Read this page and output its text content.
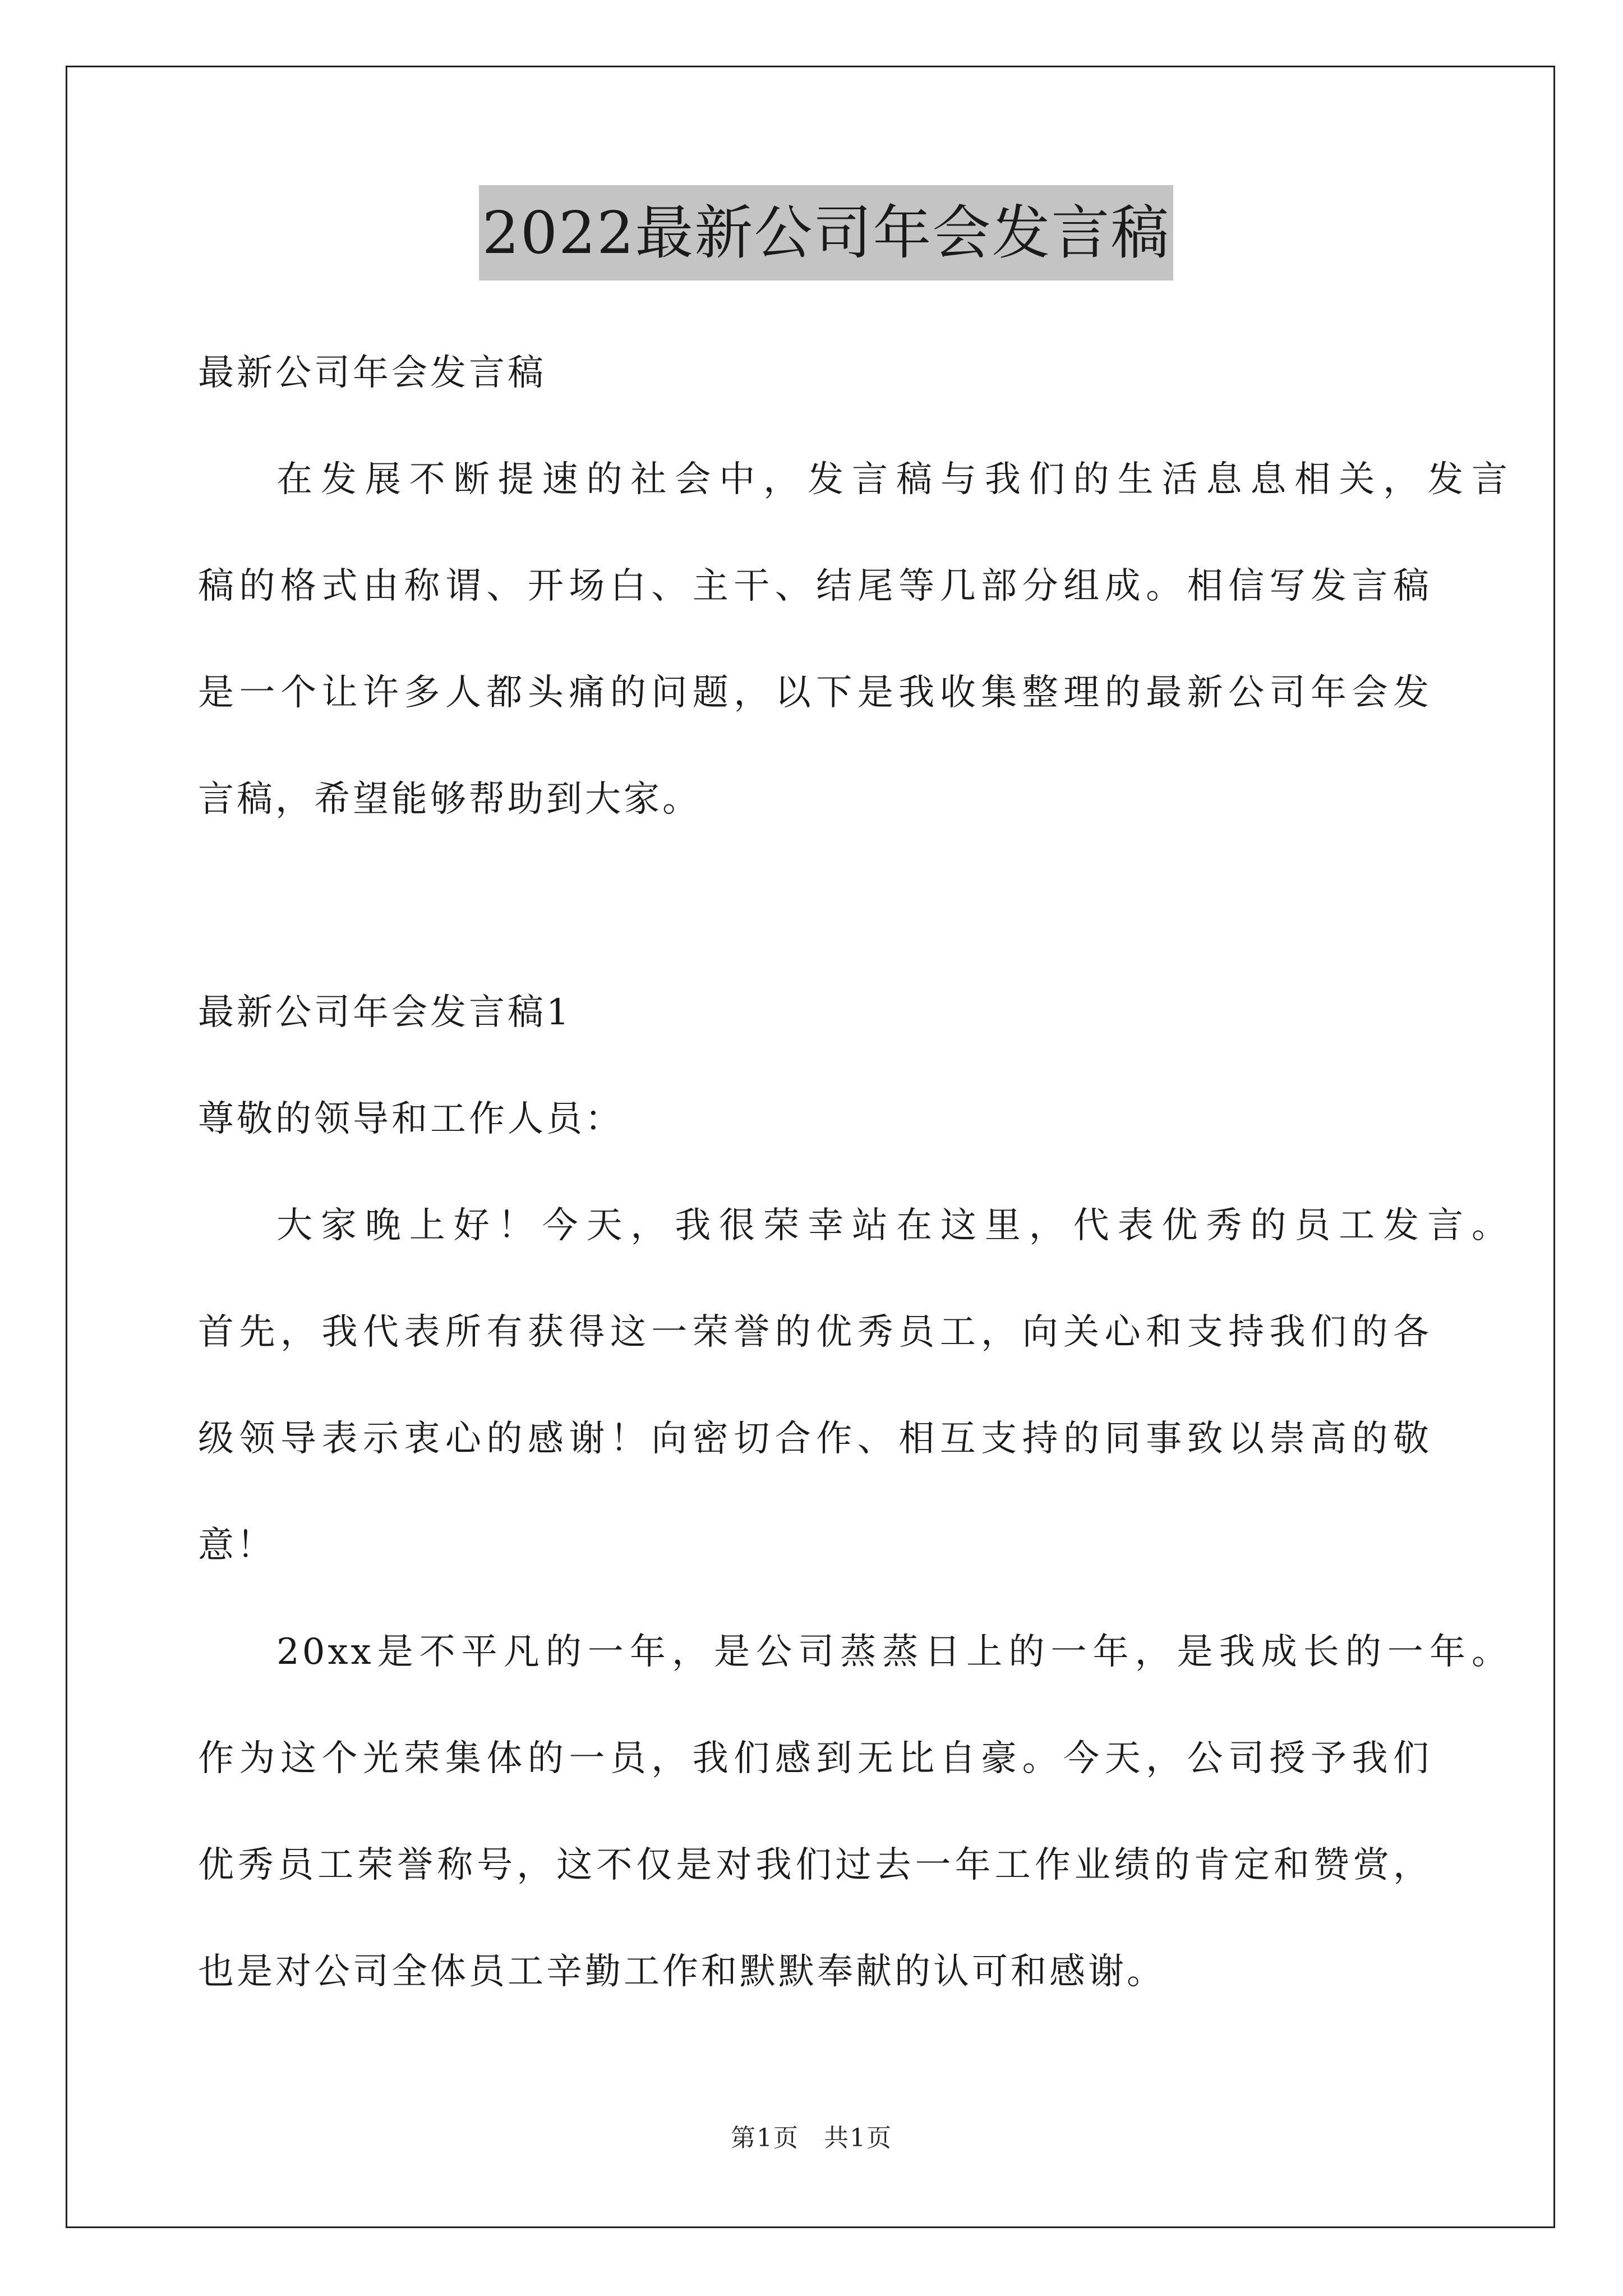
2022最新公司年会发言稿
最新公司年会发言稿
在发展不断提速的社会中，发言稿与我们的生活息息相关，发言
稿的格式由称谓、开场白、主干、结尾等几部分组成。相信写发言稿
是一个让许多人都头痛的问题，以下是我收集整理的最新公司年会发
言稿，希望能够帮助到大家。
最新公司年会发言稿1
尊敬的领导和工作人员：
大家晚上好！今天，我很荣幸站在这里，代表优秀的员工发言。
首先，我代表所有获得这一荣誉的优秀员工，向关心和支持我们的各
级领导表示衷心的感谢！向密切合作、相互支持的同事致以崇高的敬
意！
20xx是不平凡的一年，是公司蒸蒸日上的一年，是我成长的一年。
作为这个光荣集体的一员，我们感到无比自豪。今天，公司授予我们
优秀员工荣誉称号，这不仅是对我们过去一年工作业绩的肯定和赞赏，
也是对公司全体员工辛勤工作和默默奉献的认可和感谢。
第1页 共1页
